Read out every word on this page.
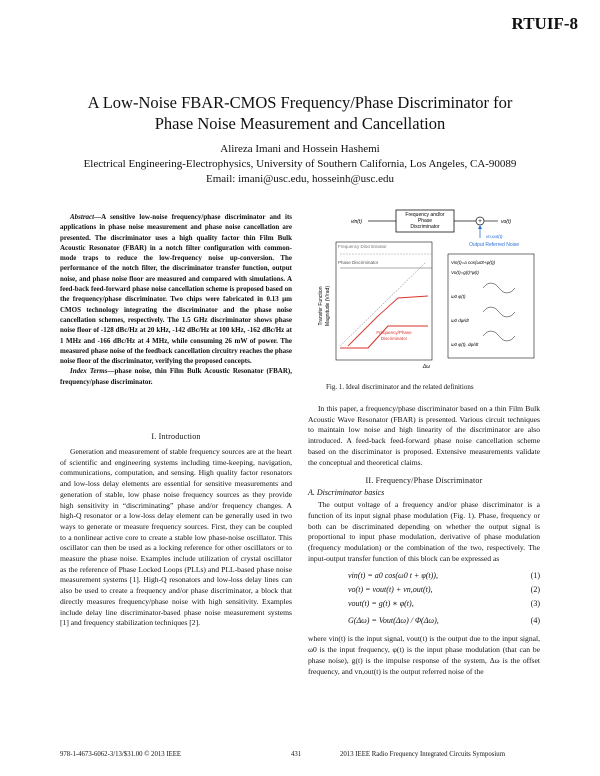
RTUIF-8
A Low-Noise FBAR-CMOS Frequency/Phase Discriminator for
Phase Noise Measurement and Cancellation
Alireza Imani and Hossein Hashemi
Electrical Engineering-Electrophysics, University of Southern California, Los Angeles, CA-90089
Email: imani@usc.edu, hosseinh@usc.edu

Abstract—A sensitive low-noise frequency/phase discriminator and its applications in phase noise measurement and phase noise cancellation are presented. The discriminator uses a high quality factor thin Film Bulk Acoustic Resonator (FBAR) in a notch filter configuration with common-mode traps to reduce the low-frequency noise up-conversion. The performance of the notch filter, the discriminator transfer function, output noise, and phase noise floor are measured and compared with simulations. A feed-back feed-forward phase noise cancellation scheme is proposed based on the frequency/phase discriminator. Two chips were fabricated in 0.13 µm CMOS technology integrating the discriminator and the phase noise cancellation schemes, respectively. The 1.5 GHz discriminator shows phase noise floor of -128 dBc/Hz at 20 kHz, -142 dBc/Hz at 100 kHz, -162 dBc/Hz at 1 MHz and -166 dBc/Hz at 4 MHz, while consuming 26 mW of power. The measured phase noise of the feedback cancellation circuitry reaches the phase noise floor of the discriminator, verifying the proposed concepts.

Index Terms—phase noise, thin Film Bulk Acoustic Resonator (FBAR), frequency/phase discriminator.

I. Introduction

Generation and measurement of stable frequency sources are at the heart of scientific and engineering systems including time-keeping, navigation, communications, computation, and sensing. High quality factor resonators and low-loss delay elements are essential for sensitive measurements and generation of stable, low phase noise frequency sources as they provide high sensitivity in “discriminating” phase and/or frequency changes. A high-Q resonator or a low-loss delay element can be generally used in two ways to generate or measure frequency sources. First, they can be coupled to a nonlinear active core to create a stable low phase-noise oscillator. This oscillator can then be used as a locking reference for other oscillators or to measure the phase noise. Examples include utilization of crystal oscillator as the reference of Phase Locked Loops (PLLs) and PLL-based phase noise measurement systems [1]. High-Q resonators and low-loss delay lines can also be used to create a frequency and/or phase discriminator, a block that directly measures frequency/phase noise with high sensitivity. Examples include delay line discriminator-based phase noise measurement systems [1] and frequency stabilization techniques [2].

Frequency and/or
Phase
Discriminator
vin(t)	+	vo(t)
Output Referred Noise
vn,out(t)
Frequency Discriminator
Phase Discriminator
Frequency/Phase
Discriminator
Transfer Function Magnitude (V/rad)
Δω
Vin(t)=a cos(ω0t+φ(t))
Vo(t)=g(t)*φ(t)
ω0 φ(t)
ω0 dφ/dt
ω0 φ(t), dφ/dt
Fig. 1. Ideal discriminator and the related definitions

In this paper, a frequency/phase discriminator based on a thin Film Bulk Acoustic Wave Resonator (FBAR) is presented. Various circuit techniques to maintain low noise and high linearity of the discriminator are also introduced. A feed-back feed-forward phase noise cancellation scheme based on the discriminator is proposed. Extensive measurements validate the conceptual and theoretical claims.

II. Frequency/Phase Discriminator
A. Discriminator basics

The output voltage of a frequency and/or phase discriminator is a function of its input signal phase modulation (Fig. 1). Phase, frequency or both can be discriminated depending on whether the output signal is proportional to input phase modulation, derivative of phase modulation (frequency modulation) or the combination of the two, respectively. The input-output transfer function of this block can be expressed as

vin(t) = a0 cos(ω0 t + φ(t)),	(1)
vo(t) = vout(t) + vn,out(t),	(2)
vout(t) = g(t) ∗ φ(t),	(3)
G(Δω) = Vout(Δω) / Φ(Δω),	(4)

where vin(t) is the input signal, vout(t) is the output due to the input signal, ω0 is the input frequency, φ(t) is the input phase modulation (that can be phase noise), g(t) is the impulse response of the system, Δω is the offset frequency, and vn,out(t) is the output referred noise of the

978-1-4673-6062-3/13/$31.00 © 2013 IEEE	431	2013 IEEE Radio Frequency Integrated Circuits Symposium
